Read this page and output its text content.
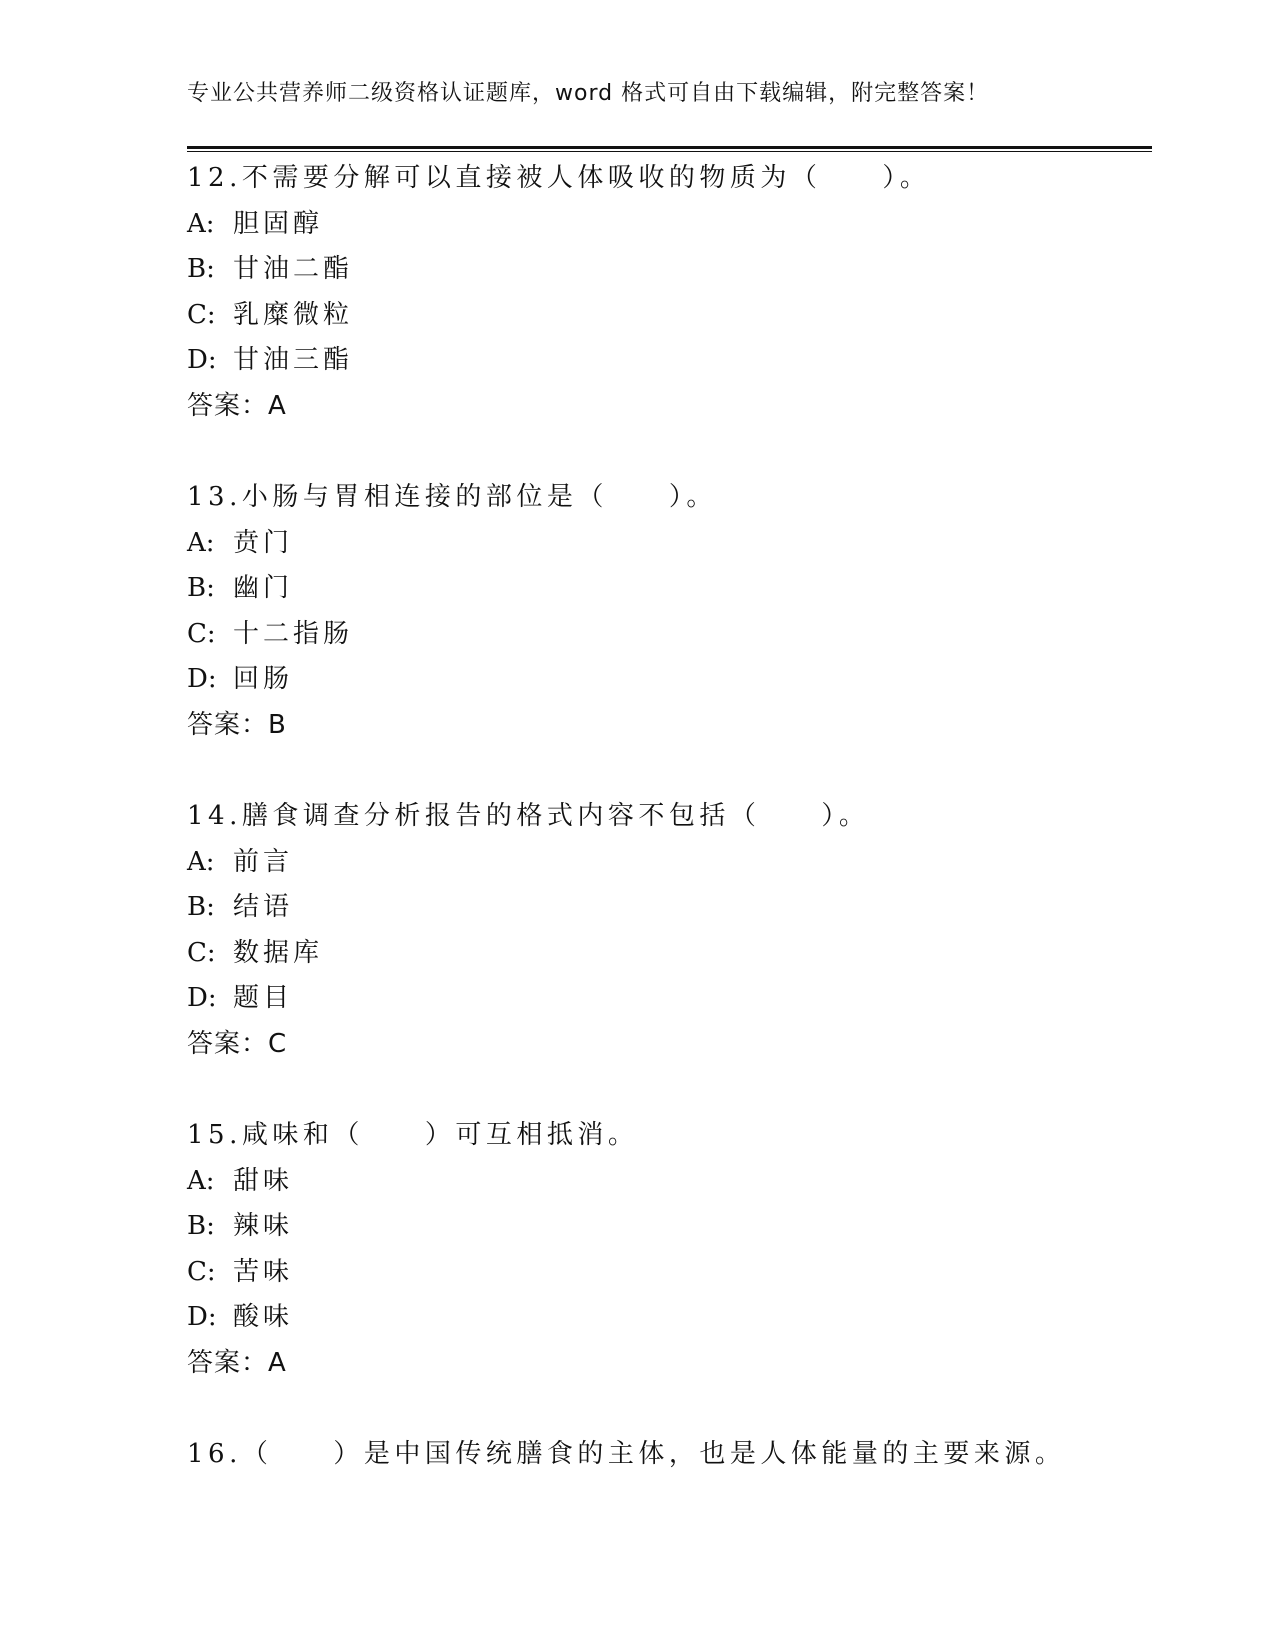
专业公共营养师二级资格认证题库，word 格式可自由下载编辑，附完整答案！
12.不需要分解可以直接被人体吸收的物质为（　　）。
A: 胆固醇
B: 甘油二酯
C: 乳糜微粒
D: 甘油三酯
答案：A
13.小肠与胃相连接的部位是（　　）。
A: 贲门
B: 幽门
C: 十二指肠
D: 回肠
答案：B
14.膳食调查分析报告的格式内容不包括（　　）。
A: 前言
B: 结语
C: 数据库
D: 题目
答案：C
15.咸味和（　　）可互相抵消。
A: 甜味
B: 辣味
C: 苦味
D: 酸味
答案：A
16.（　　）是中国传统膳食的主体，也是人体能量的主要来源。
